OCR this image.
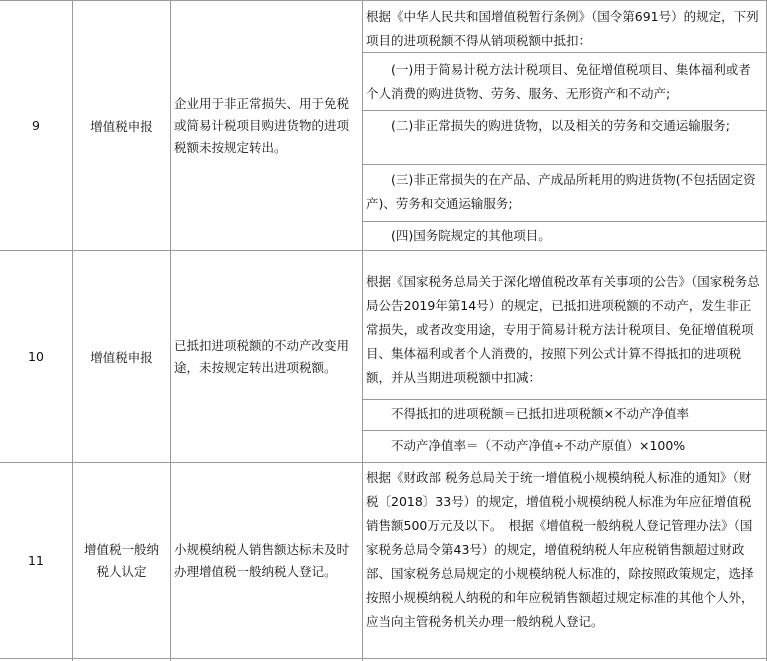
9	增值税申报
企业用于非正常损失、用于免税或简易计税项目购进货物的进项税额未按规定转出。
根据《中华人民共和国增值税暂行条例》（国令第691号）的规定，下列项目的进项税额不得从销项税额中抵扣：
(一)用于简易计税方法计税项目、免征增值税项目、集体福利或者个人消费的购进货物、劳务、服务、无形资产和不动产;
(二)非正常损失的购进货物，以及相关的劳务和交通运输服务;
(三)非正常损失的在产品、产成品所耗用的购进货物(不包括固定资产)、劳务和交通运输服务;
(四)国务院规定的其他项目。
10	增值税申报
已抵扣进项税额的不动产改变用途，未按规定转出进项税额。
根据《国家税务总局关于深化增值税改革有关事项的公告》（国家税务总局公告2019年第14号）的规定，已抵扣进项税额的不动产，发生非正常损失，或者改变用途，专用于简易计税方法计税项目、免征增值税项目、集体福利或者个人消费的，按照下列公式计算不得抵扣的进项税额，并从当期进项税额中扣减：
不得抵扣的进项税额＝已抵扣进项税额×不动产净值率
不动产净值率＝（不动产净值÷不动产原值）×100%
11
增值税一般纳税人认定
小规模纳税人销售额达标未及时办理增值税一般纳税人登记。
根据《财政部 税务总局关于统一增值税小规模纳税人标准的通知》（财税〔2018〕33号）的规定，增值税小规模纳税人标准为年应征增值税销售额500万元及以下。　根据《增值税一般纳税人登记管理办法》（国家税务总局令第43号）的规定，增值税纳税人年应税销售额超过财政部、国家税务总局规定的小规模纳税人标准的，除按照政策规定，选择按照小规模纳税人纳税的和年应税销售额超过规定标准的其他个人外，应当向主管税务机关办理一般纳税人登记。
